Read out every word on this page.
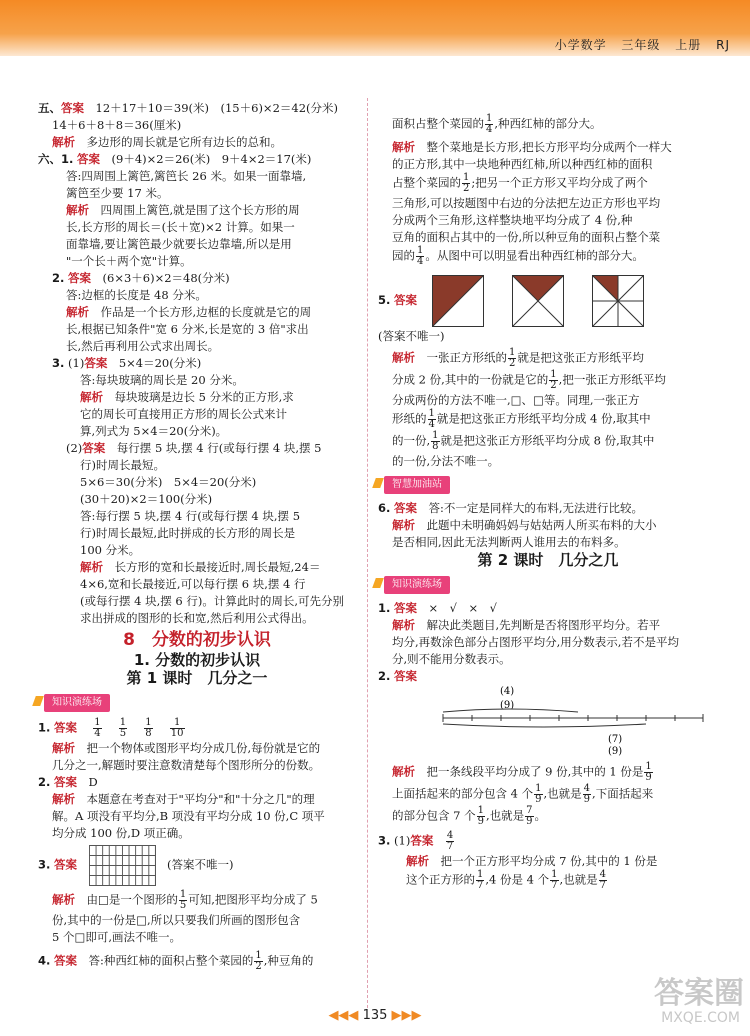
小学数学 三年级 上册 RJ

五、答案　 12＋17＋10＝39(米)　(15＋6)×2＝42(分米)

14＋6＋8＋8＝36(厘米)

解析　 多边形的周长就是它所有边长的总和。

六、1. 答案　 (9＋4)×2＝26(米)　9＋4×2＝17(米)

答:四周围上篱笆,篱笆长 26 米。如果一面靠墙,

篱笆至少要 17 米。

解析　 四周围上篱笆,就是围了这个长方形的周

长,长方形的周长＝(长＋宽)×2 计算。如果一

面靠墙,要让篱笆最少就要长边靠墙,所以是用

"一个长＋两个宽"计算。

2. 答案　 (6×3＋6)×2＝48(分米)

答:边框的长度是 48 分米。

解析　 作品是一个长方形,边框的长度就是它的周

长,根据已知条件"宽 6 分米,长是宽的 3 倍"求出

长,然后再利用公式求出周长。

3. (1)答案　 5×4＝20(分米)

答:每块玻璃的周长是 20 分米。

解析　 每块玻璃是边长 5 分米的正方形,求

它的周长可直接用正方形的周长公式来计

算,列式为 5×4＝20(分米)。

(2)答案　 每行摆 5 块,摆 4 行(或每行摆 4 块,摆 5

行)时周长最短。

5×6＝30(分米)　5×4＝20(分米)

(30＋20)×2＝100(分米)

答:每行摆 5 块,摆 4 行(或每行摆 4 块,摆 5

行)时周长最短,此时拼成的长方形的周长是

100 分米。

解析　 长方形的宽和长最接近时,周长最短,24＝

4×6,宽和长最接近,可以每行摆 6 块,摆 4 行

(或每行摆 4 块,摆 6 行)。计算此时的周长,可先分别

求出拼成的图形的长和宽,然后利用公式得出。

8　分数的初步认识
1. 分数的初步认识
第 1 课时　几分之一
知识演练场

1. 答案　 $\frac{1}{4}$
　 $\frac{1}{5}$
　 $\frac{1}{8}$
　 $\frac{1}{10}$

解析　 把一个物体或图形平均分成几份,每份就是它的

几分之一,解题时要注意数清楚每个图形所分的份数。

2. 答案　 D

解析　 本题意在考查对于"平均分"和"十分之几"的理

解。A 项没有平均分,B 项没有平均分成 10 份,C 项平

均分成 100 份,D 项正确。

3. 答案　　	(答案不唯一)

解析　 由□是一个图形的 $\frac{1}{5}$ 可知,把图形平均分成了 5

份,其中的一份是□,所以只要我们所画的图形包含

5 个□即可,画法不唯一。

4. 答案　 答:种西红柿的面积占整个菜园的 $\frac{1}{2}$ ,种豆角的

面积占整个菜园的 $\frac{1}{4}$ ,种西红柿的部分大。

解析　 整个菜地是长方形,把长方形平均分成两个一样大

的正方形,其中一块地种西红柿,所以种西红柿的面积

占整个菜园的 $\frac{1}{2}$ ;把另一个正方形又平均分成了两个

三角形,可以按题图中右边的分法把左边正方形也平均

分成两个三角形,这样整块地平均分成了 4 份,种

豆角的面积占其中的一份,所以种豆角的面积占整个菜

园的 $\frac{1}{4}$ 。从图中可以明显看出种西红柿的部分大。

5. 答案　

(答案不唯一)

解析　 一张正方形纸的 $\frac{1}{2}$ 就是把这张正方形纸平均

分成 2 份,其中的一份就是它的 $\frac{1}{2}$ ,把一张正方形纸平均

分成两份的方法不唯一,□、□等。同理,一张正方

形纸的 $\frac{1}{4}$ 就是把这张正方形纸平均分成 4 份,取其中

的一份, $\frac{1}{8}$ 就是把这张正方形纸平均分成 8 份,取其中

的一份,分法不唯一。

智慧加油站

6. 答案　 答:不一定是同样大的布料,无法进行比较。

解析　 此题中未明确妈妈与姑姑两人所买布料的大小

是否相同,因此无法判断两人谁用去的布料多。

第 2 课时　几分之几
知识演练场

1. 答案　 ×　√　×　√

解析　 解决此类题目,先判断是否将图形平均分。若平

均分,再数涂色部分占图形平均分,用分数表示,若不是平均

分,则不能用分数表示。

2. 答案

(4)
(9)
(7)
(9)

解析　 把一条线段平均分成了 9 份,其中的 1 份是 $\frac{1}{9}$

上面括起来的部分包含 4 个 $\frac{1}{9}$ ,也就是 $\frac{4}{9}$ ,下面括起来

的部分包含 7 个 $\frac{1}{9}$ ,也就是 $\frac{7}{9}$ 。

3. (1)答案　 $\frac{4}{7}$

解析　 把一个正方形平均分成 7 份,其中的 1 份是

这个正方形的 $\frac{1}{7} ,4$ 份是 4 个 $\frac{1}{7}$ ,也就是 $\frac{4}{7}$

◀◀◀ 135 ▶▶▶
答案圈
MXQE.COM
